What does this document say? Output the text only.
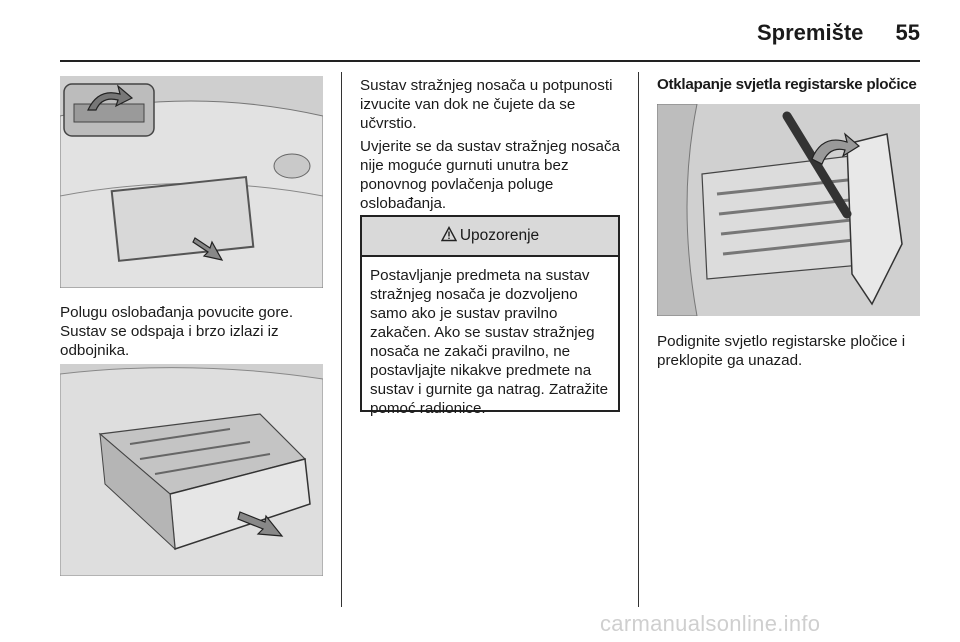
Spremište	55

Polugu oslobađanja povucite gore. Sustav se odspaja i brzo izlazi iz odbojnika.

Sustav stražnjeg nosača u potpunosti izvucite van dok ne čujete da se učvrstio.

Uvjerite se da sustav stražnjeg nosača nije moguće gurnuti unutra bez ponovnog povlačenja poluge oslobađanja.

Upozorenje

Postavljanje predmeta na sustav stražnjeg nosača je dozvoljeno samo ako je sustav pravilno zakačen. Ako se sustav stražnjeg nosača ne zakači pravilno, ne postavljajte nikakve predmete na sustav i gurnite ga natrag. Zatražite pomoć radionice.

Otklapanje svjetla registarske pločice

Podignite svjetlo registarske pločice i preklopite ga unazad.

carmanualsonline.info
